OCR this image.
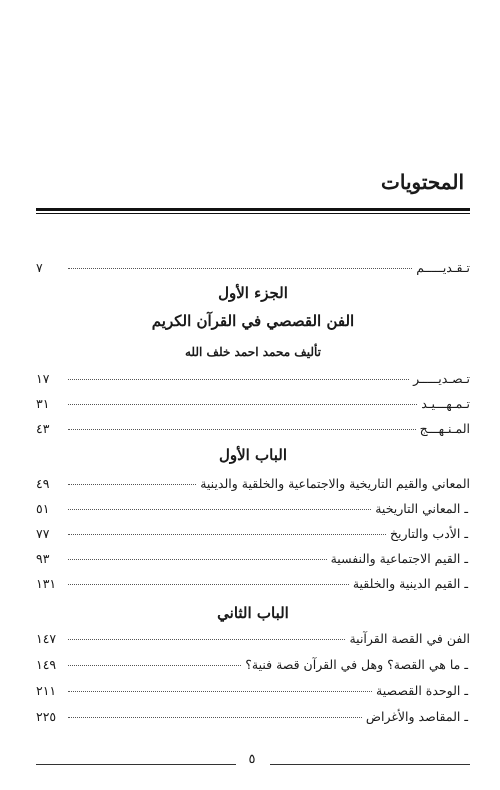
المحتويات
تـقـديـــــم
٧
الجزء الأول
الفن القصصي في القرآن الكريم
تأليف محمد احمد خلف الله
تـصـديـــــر
١٧
تـمـهـــيـد
٣١
المـنـهـــج
٤٣
الباب الأول
المعاني والقيم التاريخية والاجتماعية والخلقية والدينية
٤٩
ـ المعاني التاريخية
٥١
ـ الأدب والتاريخ
٧٧
ـ القيم الاجتماعية والنفسية
٩٣
ـ القيم الدينية والخلقية
١٣١
الباب الثاني
الفن في القصة القرآنية
١٤٧
ـ ما هي القصة؟ وهل في القرآن قصة فنية؟
١٤٩
ـ الوحدة القصصية
٢١١
ـ المقاصد والأغراض
٢٢٥
٥
